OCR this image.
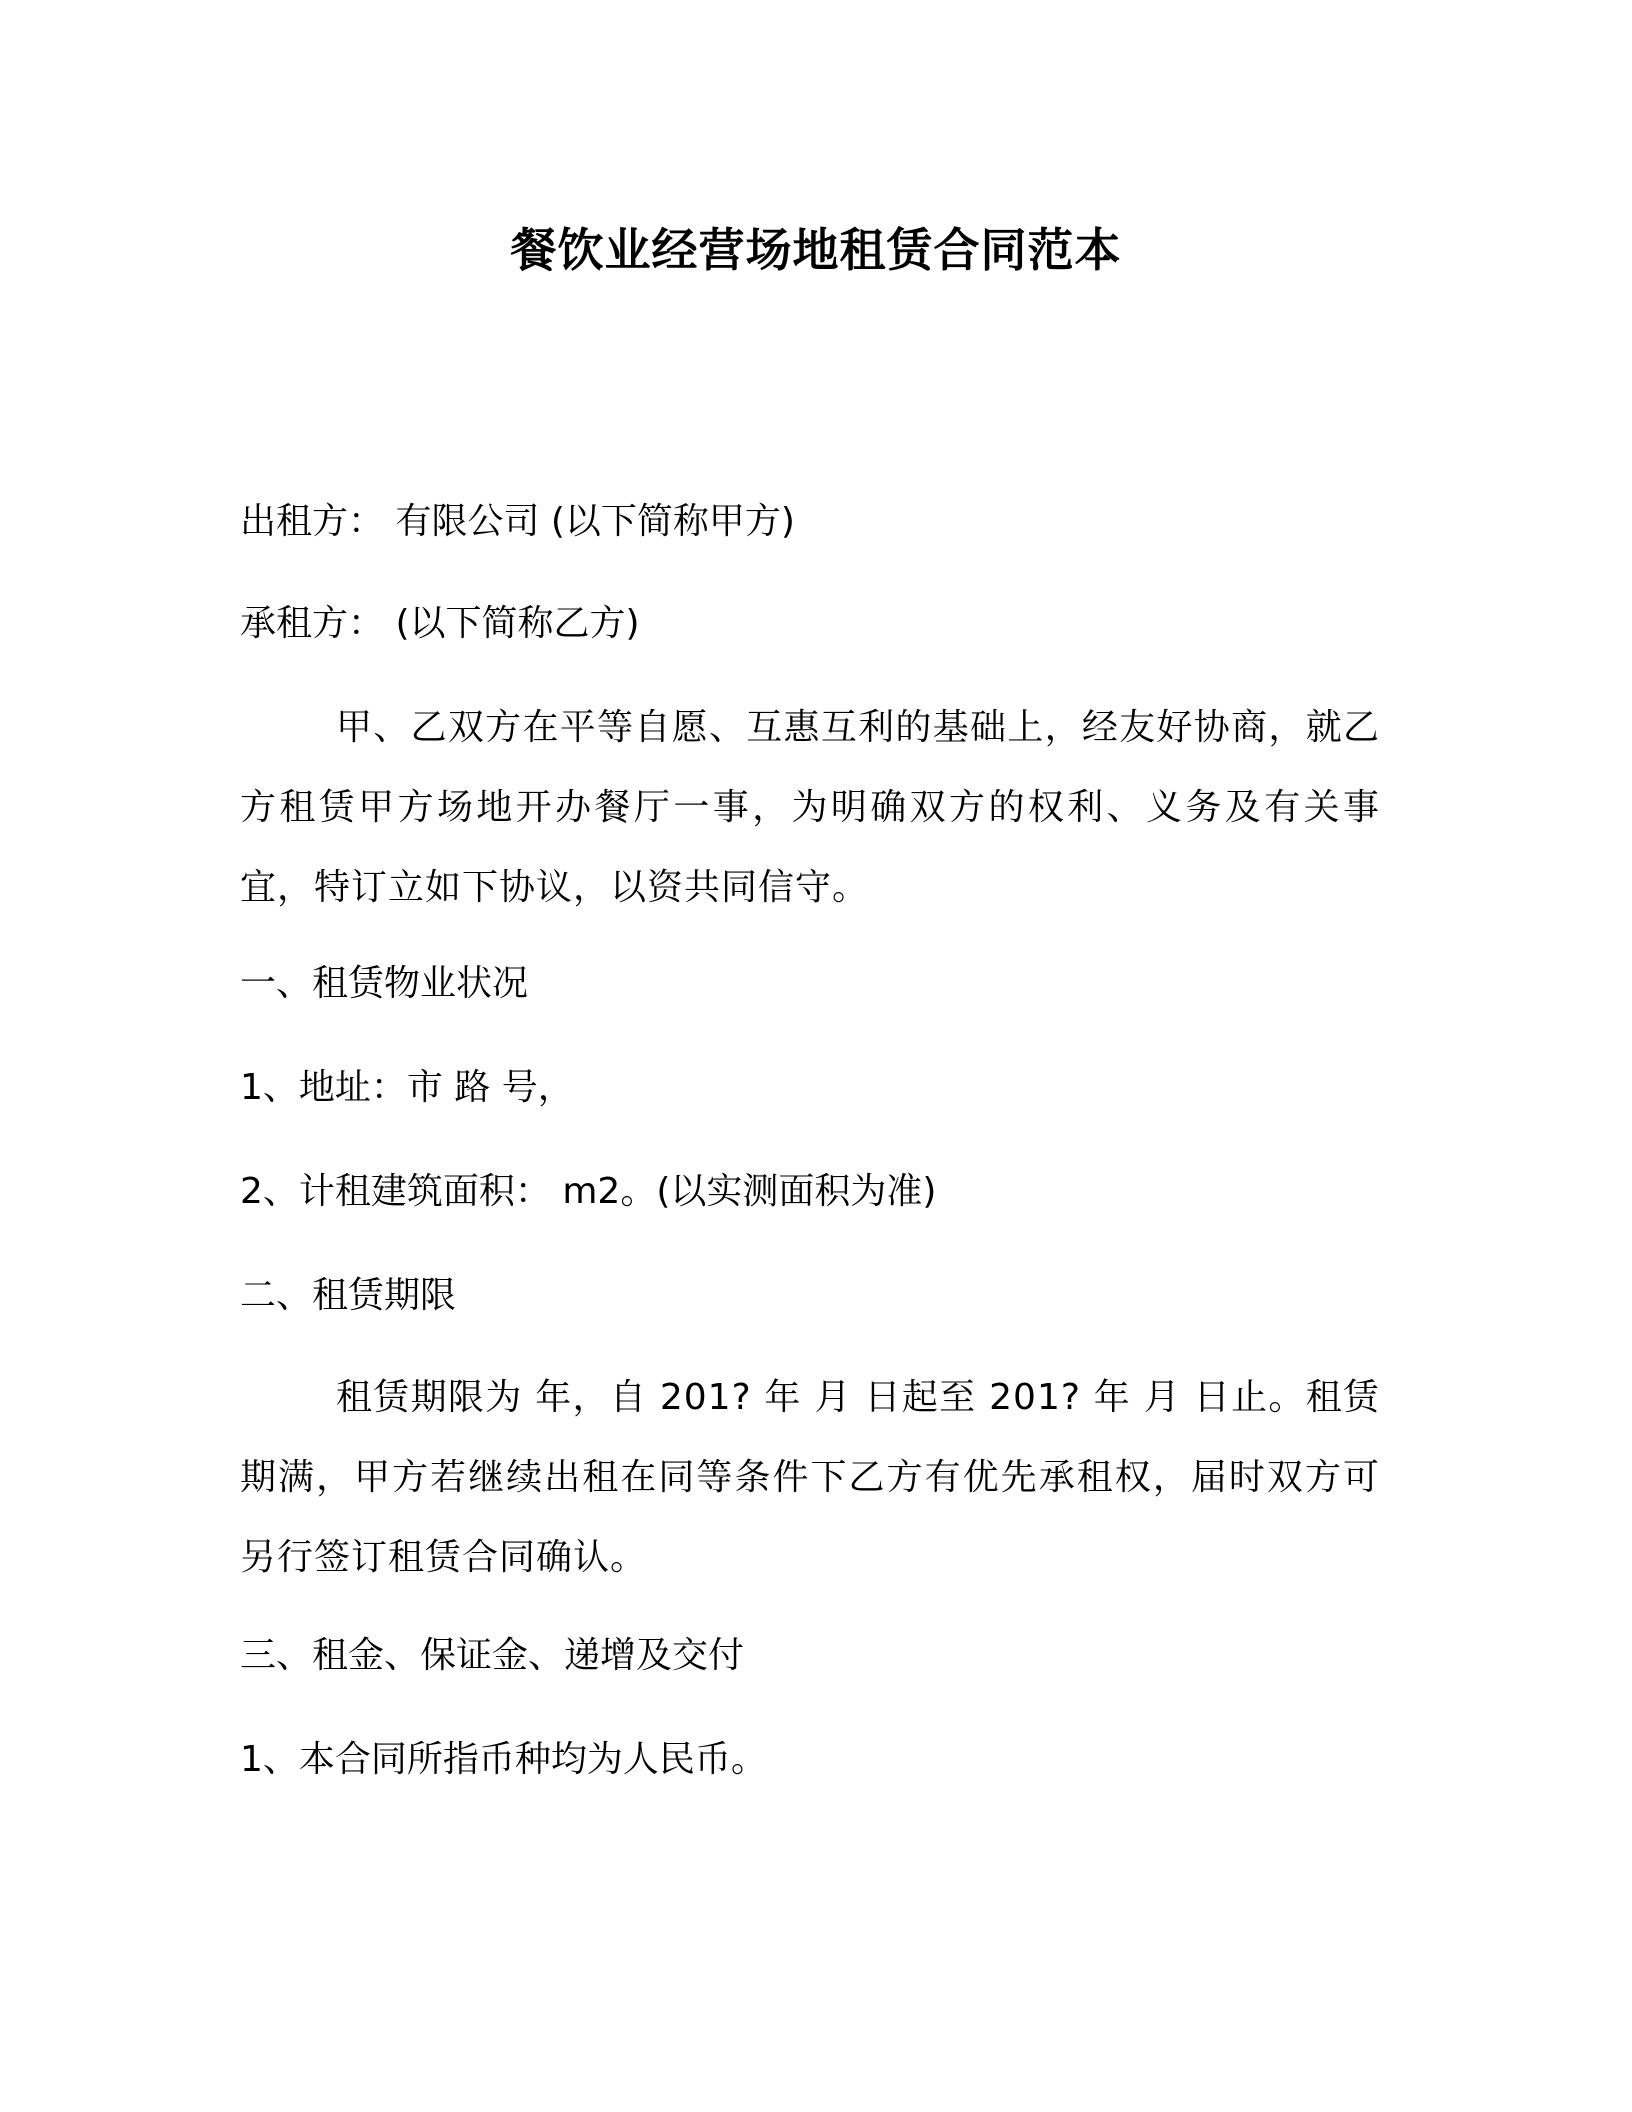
餐饮业经营场地租赁合同范本

出租方： 有限公司 (以下简称甲方)

承租方： (以下简称乙方)

甲、乙双方在平等自愿、互惠互利的基础上，经友好协商，就乙方租赁甲方场地开办餐厅一事，为明确双方的权利、义务及有关事宜，特订立如下协议，以资共同信守。

一、租赁物业状况

1、地址：市 路 号，

2、计租建筑面积： m2。(以实测面积为准)

二、租赁期限

租赁期限为 年，自 201? 年 月 日起至 201? 年 月 日止。租赁期满，甲方若继续出租在同等条件下乙方有优先承租权，届时双方可另行签订租赁合同确认。

三、租金、保证金、递增及交付

1、本合同所指币种均为人民币。
